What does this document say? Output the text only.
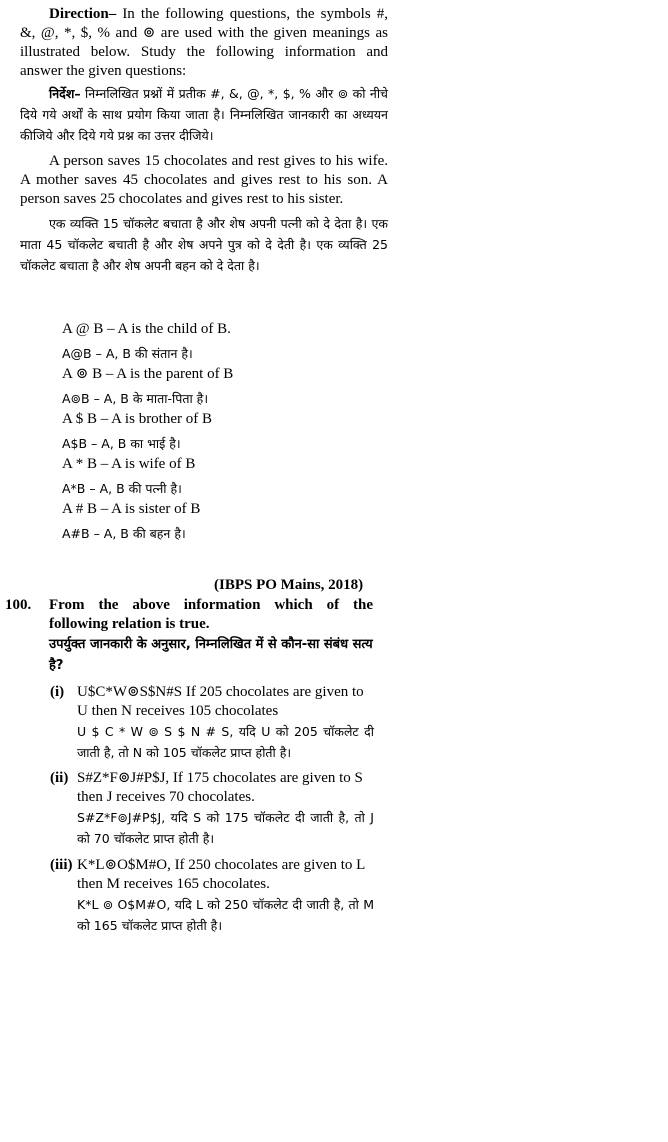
Direction– In the following questions, the symbols #, &, @, *, $, % and ⊚ are used with the given meanings as illustrated below. Study the following information and answer the given questions:

निर्देश– निम्नलिखित प्रश्नों में प्रतीक #, &, @, *, $, % और ⊚ को नीचे दिये गये अर्थों के साथ प्रयोग किया जाता है। निम्नलिखित जानकारी का अध्ययन कीजिये और दिये गये प्रश्न का उत्तर दीजिये।

A person saves 15 chocolates and rest gives to his wife. A mother saves 45 chocolates and gives rest to his son. A person saves 25 chocolates and gives rest to his sister.

एक व्यक्ति 15 चॉकलेट बचाता है और शेष अपनी पत्नी को दे देता है। एक माता 45 चॉकलेट बचाती है और शेष अपने पुत्र को दे देती है। एक व्यक्ति 25 चॉकलेट बचाता है और शेष अपनी बहन को दे देता है।

A @ B – A is the child of B.
A@B – A, B की संतान है।
A ⊚ B – A is the parent of B
A⊚B – A, B के माता-पिता है।
A $ B – A is brother of B
A$B – A, B का भाई है।
A * B – A is wife of B
A*B – A, B की पत्नी है।
A # B – A is sister of B
A#B – A, B की बहन है।
(IBPS PO Mains, 2018)
100. From the above information which of the following relation is true.
उपर्युक्त जानकारी के अनुसार, निम्नलिखित में से कौन-सा संबंध सत्य है?
(i) U$C*W⊚S$N#S If 205 chocolates are given to U then N receives 105 chocolates
U $ C * W ⊚ S $ N # S, यदि U को 205 चॉकलेट दी जाती है, तो N को 105 चॉकलेट प्राप्त होती है।
(ii) S#Z*F⊚J#P$J, If 175 chocolates are given to S then J receives 70 chocolates.
S#Z*F⊚J#P$J, यदि S को 175 चॉकलेट दी जाती है, तो J को 70 चॉकलेट प्राप्त होती है।
(iii) K*L⊚O$M#O, If 250 chocolates are given to L then M receives 165 chocolates.
K*L ⊚ O$M#O, यदि L को 250 चॉकलेट दी जाती है, तो M को 165 चॉकलेट प्राप्त होती है।
